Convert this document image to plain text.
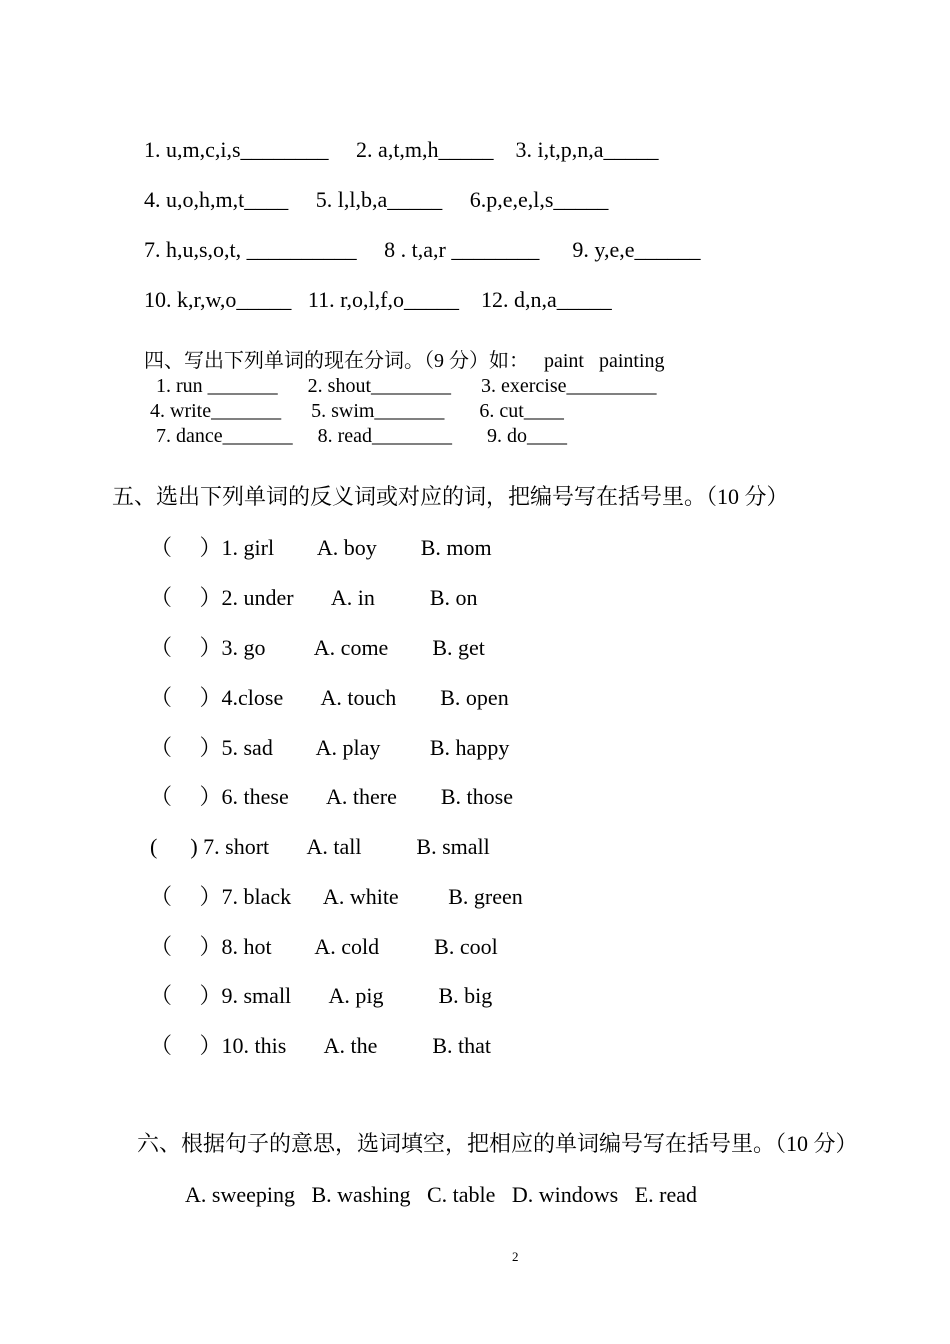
1. u,m,c,i,s________     2. a,t,m,h_____    3. i,t,p,n,a_____
4. u,o,h,m,t____     5. l,l,b,a_____     6.p,e,e,l,s_____
7. h,u,s,o,t, __________     8 . t,a,r ________      9. y,e,e______
10. k,r,w,o_____   11. r,o,l,f,o_____    12. d,n,a_____
四、写出下列单词的现在分词。（9 分）如：   paint   painting
1. run _______      2. shout________      3. exercise_________
4. write_______      5. swim_______       6. cut____
7. dance_______     8. read________       9. do____
五、选出下列单词的反义词或对应的词，把编号写在括号里。（10 分）
（     ）1. girl        A. boy        B. mom
（     ）2. under       A. in          B. on
（     ）3. go         A. come        B. get
（     ）4.close       A. touch        B. open
（     ）5. sad        A. play         B. happy
（     ）6. these       A. there        B. those
(      ) 7. short       A. tall          B. small
（     ）7. black      A. white         B. green
（     ）8. hot        A. cold          B. cool
（     ）9. small       A. pig          B. big
（     ）10. this       A. the          B. that
六、根据句子的意思，选词填空，把相应的单词编号写在括号里。（10 分）
A. sweeping   B. washing   C. table   D. windows   E. read
2
